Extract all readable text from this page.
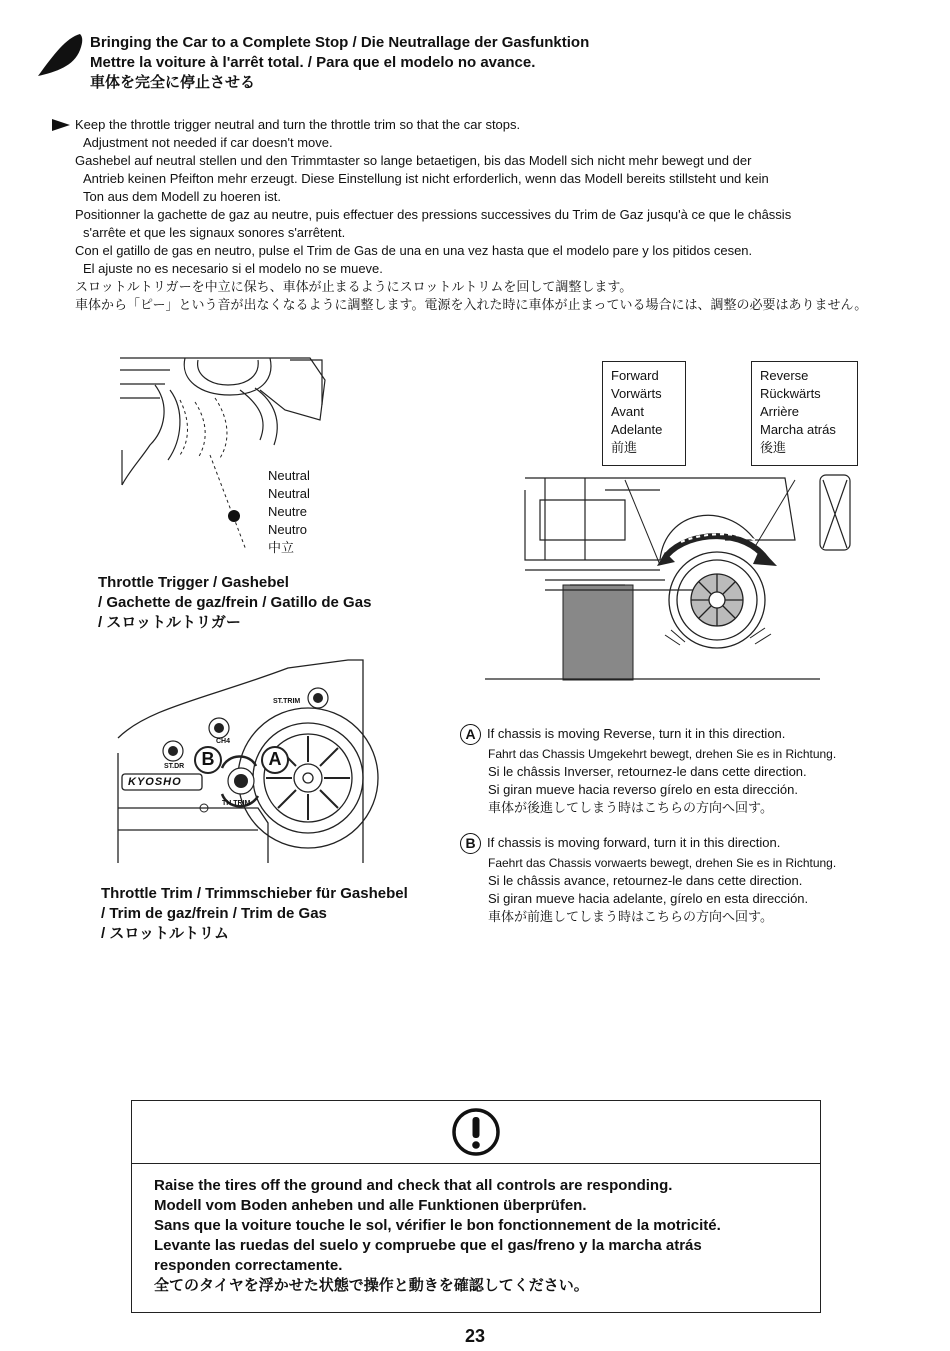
Bringing the Car to a Complete Stop / Die Neutrallage der Gasfunktion
Mettre la voiture à l'arrêt total. / Para que el modelo no avance.
車体を完全に停止させる

Keep the throttle trigger neutral and turn the throttle trim so that the car stops.

Adjustment not needed if car doesn't move.

Gashebel auf neutral stellen und den Trimmtaster so lange betaetigen, bis das Modell sich nicht mehr bewegt und der

Antrieb keinen Pfeifton mehr erzeugt. Diese Einstellung ist nicht erforderlich, wenn das Modell bereits stillsteht und kein

Ton aus dem Modell zu hoeren ist.

Positionner la gachette de gaz au neutre, puis effectuer des pressions successives du Trim de Gaz jusqu'à ce que le châssis

s'arrête et que les signaux sonores s'arrêtent.

Con el gatillo de gas en neutro, pulse el Trim de Gas de una en una vez hasta que el modelo pare y los pitidos cesen.

El ajuste no es necesario si el modelo no se mueve.

スロットルトリガーを中立に保ち、車体が止まるようにスロットルトリムを回して調整します。

車体から「ピー」という音が出なくなるように調整します。電源を入れた時に車体が止まっている場合には、調整の必要はありません。

Neutral
Neutral
Neutre
Neutro
中立
Throttle Trigger / Gashebel
/ Gachette de gaz/frein / Gatillo de Gas
/ スロットルトリガー
Forward
Vorwärts
Avant
Adelante
前進
Reverse
Rückwärts
Arrière
Marcha atrás
後進
ST.TRIM
CH4
ST.DR
TH.TRIM
KYOSHO
B	A
Throttle Trim / Trimmschieber für Gashebel
/ Trim de gaz/frein / Trim de Gas
/ スロットルトリム
A If chassis is moving Reverse, turn it in this direction.
Fahrt das Chassis Umgekehrt bewegt, drehen Sie es in Richtung.
Si le châssis Inverser, retournez-le dans cette direction.
Si giran mueve hacia reverso gírelo en esta dirección.
車体が後進してしまう時はこちらの方向へ回す。
B If chassis is moving forward, turn it in this direction.
Faehrt das Chassis vorwaerts bewegt, drehen Sie es in Richtung.
Si le châssis avance, retournez-le dans cette direction.
Si giran mueve hacia adelante, gírelo en esta dirección.
車体が前進してしまう時はこちらの方向へ回す。
Raise the tires off the ground and check that all controls are responding.
Modell vom Boden anheben und alle Funktionen überprüfen.
Sans que la voiture touche le sol, vérifier le bon fonctionnement de la motricité.
Levante las ruedas del suelo y compruebe que el gas/freno y la marcha atrás
responden correctamente.
全てのタイヤを浮かせた状態で操作と動きを確認してください。
23
